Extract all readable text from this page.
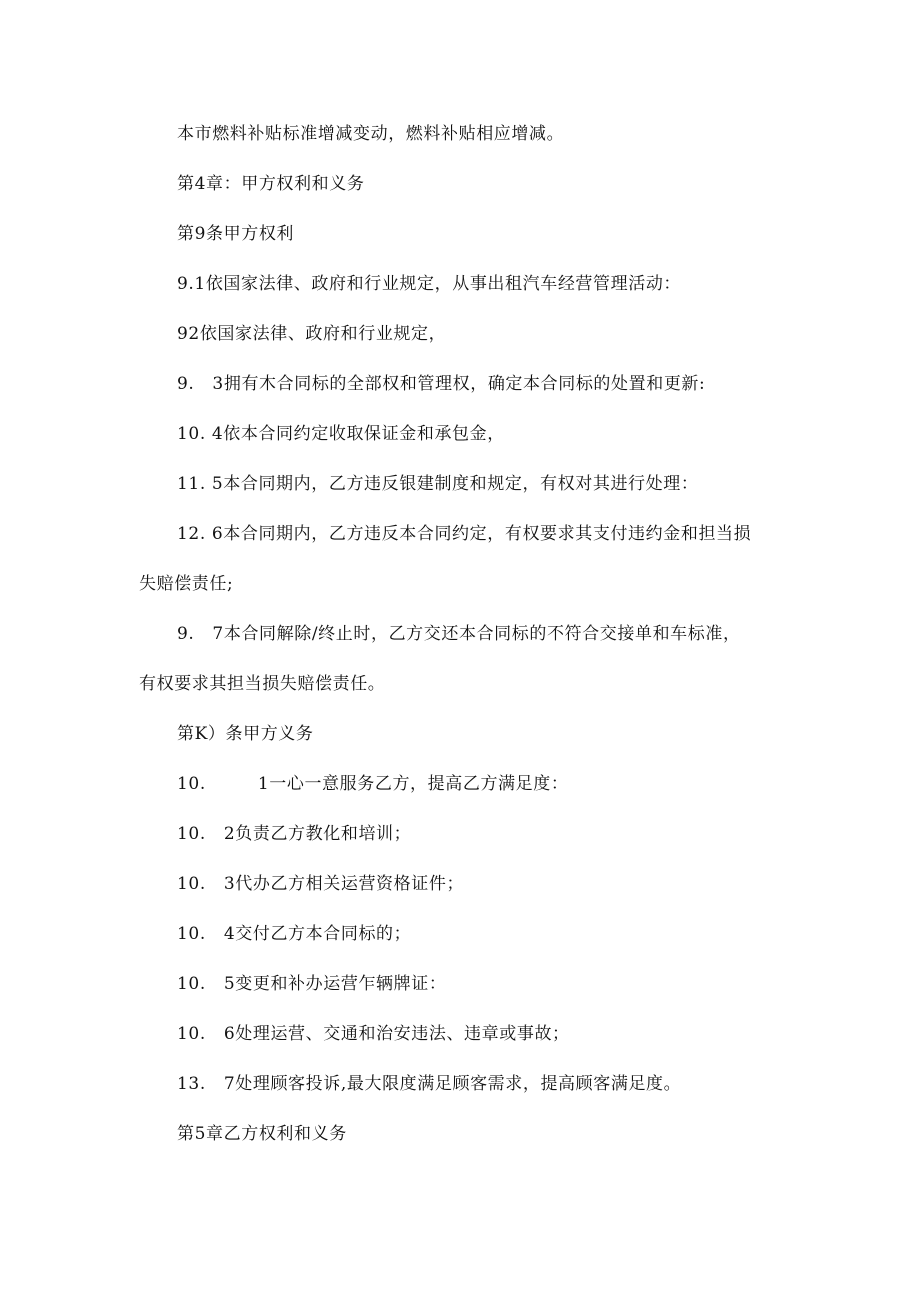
本市燃料补贴标准增减变动，燃料补贴相应增减。
第4章：甲方权利和义务
第9条甲方权利
9.1依国家法律、政府和行业规定，从事出租汽车经营管理活动：
92依国家法律、政府和行业规定，
9. 3拥有木合同标的全部权和管理权，确定本合同标的处置和更新:
10. 4依本合同约定收取保证金和承包金，
11. 5本合同期内，乙方违反银建制度和规定，有权对其进行处理：
12. 6本合同期内，乙方违反本合同约定，有权要求其支付违约金和担当损
失赔偿责任;
9. 7本合同解除/终止时，乙方交还本合同标的不符合交接单和车标准，
有权要求其担当损失赔偿责任。
第K）条甲方义务
10.	1一心一意服务乙方，提高乙方满足度：
10. 2负责乙方教化和培训；
10. 3代办乙方相关运营资格证件；
10. 4交付乙方本合同标的；
10. 5变更和补办运营乍辆牌证：
10. 6处理运营、交通和治安违法、违章或事故；
13. 7处理顾客投诉,最大限度满足顾客需求，提高顾客满足度。
第5章乙方权利和义务
